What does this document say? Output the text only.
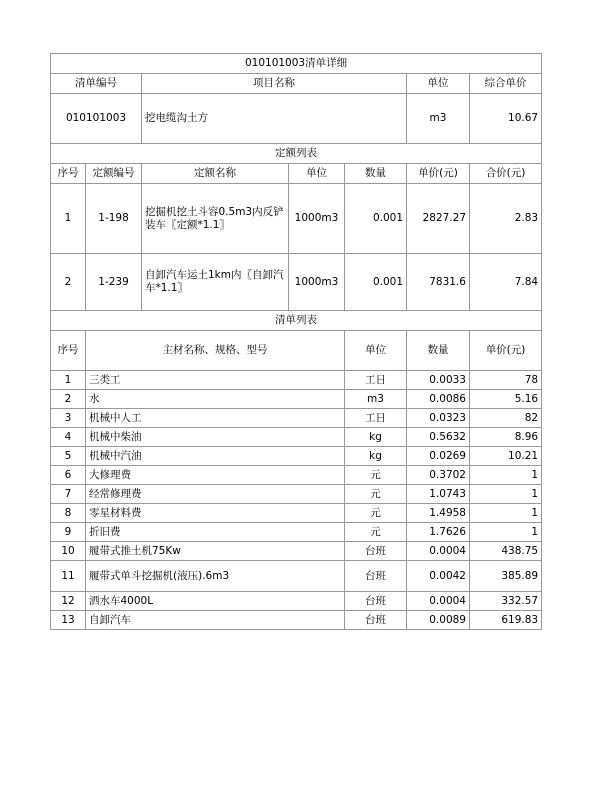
010101003清单详细							
清单编号		项目名称			单位	综合单价	
010101003		挖电缆沟土方			m3	10.67	
定额列表							
序号	定额编号	定额名称	单位	数量	单价(元)	合价(元)	
1	1-198	挖掘机挖土斗容0.5m3内反铲装车〖定额*1.1〗	1000m3	0.001	2827.27	2.83	
2	1-239	自卸汽车运土1km内〖自卸汽车*1.1〗	1000m3	0.001	7831.6	7.84	
清单列表							
序号	主材名称、规格、型号			单位	数量	单价(元)	
1	三类工			工日	0.0033	78	
2	水			m3	0.0086	5.16	
3	机械中人工			工日	0.0323	82	
4	机械中柴油			kg	0.5632	8.96	
5	机械中汽油			kg	0.0269	10.21	
6	大修理费			元	0.3702	1	
7	经常修理费			元	1.0743	1	
8	零星材料费			元	1.4958	1	
9	折旧费			元	1.7626	1	
10	履带式推土机75Kw			台班	0.0004	438.75	
11	履带式单斗挖掘机(液压).6m3			台班	0.0042	385.89	
12	洒水车4000L			台班	0.0004	332.57	
13	自卸汽车			台班	0.0089	619.83	
